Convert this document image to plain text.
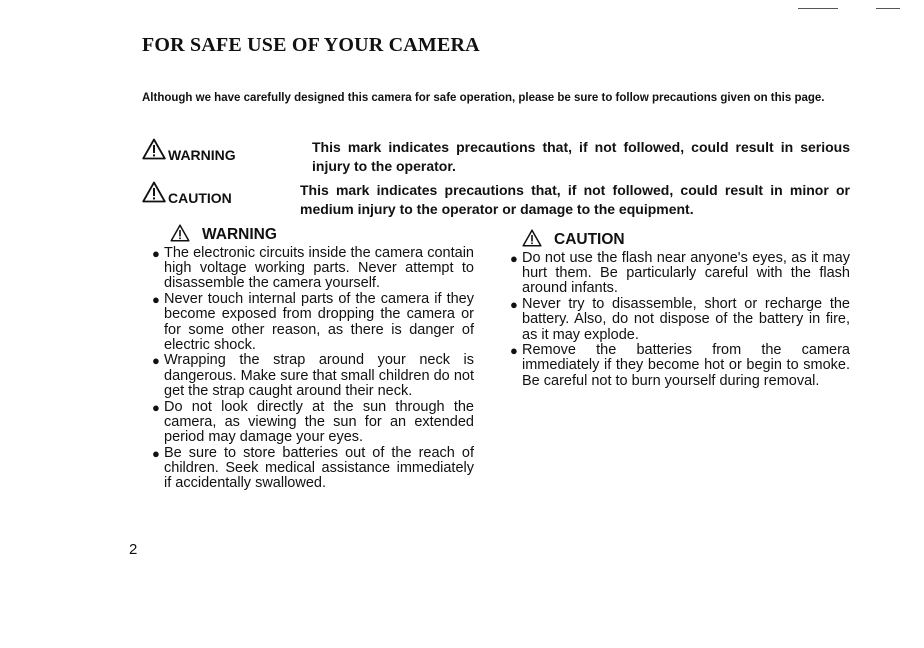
FOR SAFE USE OF YOUR CAMERA
Although we have carefully designed this camera for safe operation, please be sure to follow precautions given on this page.
WARNING	This mark indicates precautions that, if not followed, could result in serious injury to the operator.
CAUTION	This mark indicates precautions that, if not followed, could result in minor or medium injury to the operator or damage to the equipment.
WARNING
● The electronic circuits inside the camera contain high voltage working parts. Never attempt to disassemble the camera yourself.
● Never touch internal parts of the camera if they become exposed from dropping the camera or for some other reason, as there is danger of electric shock.
● Wrapping the strap around your neck is dangerous. Make sure that small children do not get the strap caught around their neck.
● Do not look directly at the sun through the camera, as viewing the sun for an extended period may damage your eyes.
● Be sure to store batteries out of the reach of children. Seek medical assistance immediately if accidentally swallowed.
CAUTION
● Do not use the flash near anyone's eyes, as it may hurt them. Be particularly careful with the flash around infants.
● Never try to disassemble, short or recharge the battery. Also, do not dispose of the battery in fire, as it may explode.
● Remove the batteries from the camera immediately if they become hot or begin to smoke. Be careful not to burn yourself during removal.
2
